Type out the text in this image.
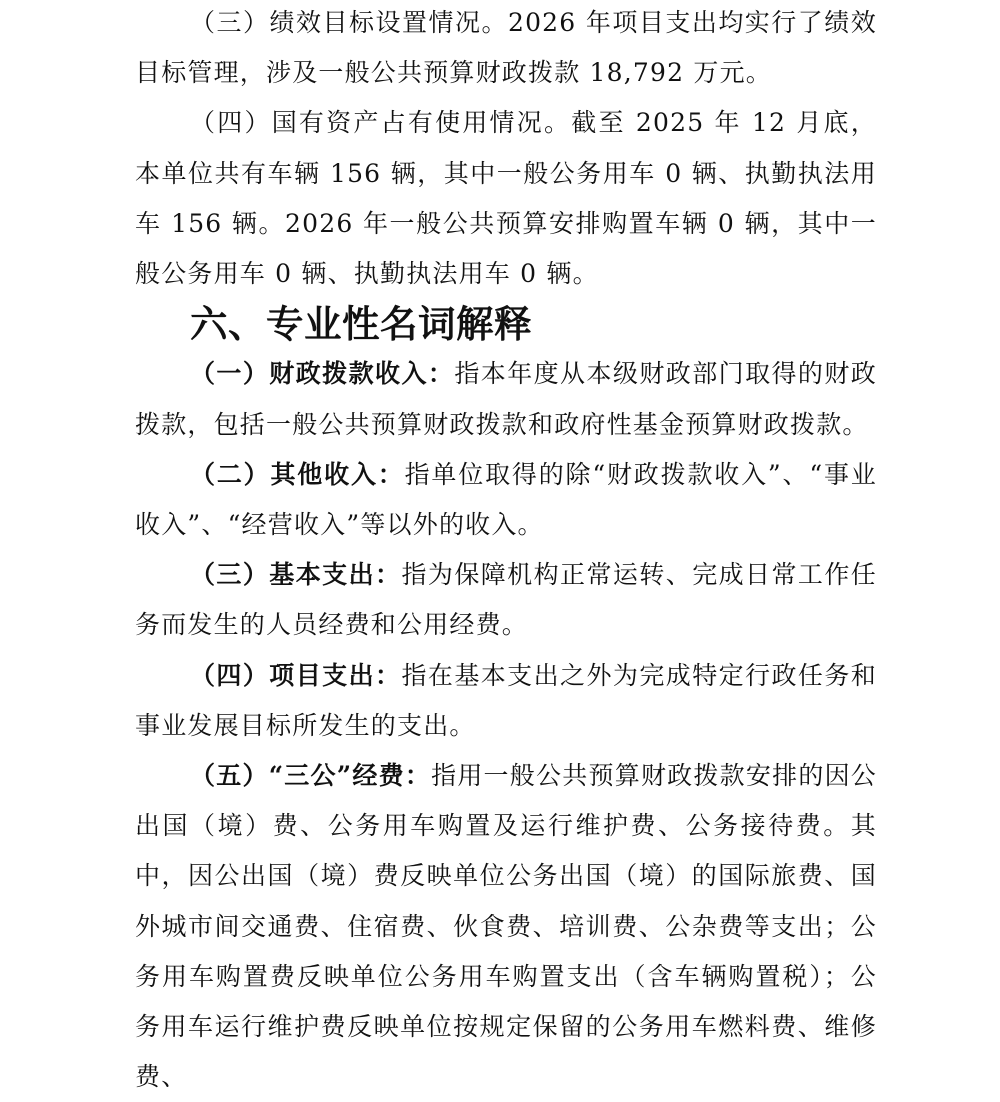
（三）绩效目标设置情况。2026 年项目支出均实行了绩效目标管理，涉及一般公共预算财政拨款 18,792 万元。

（四）国有资产占有使用情况。截至 2025 年 12 月底，本单位共有车辆 156 辆，其中一般公务用车 0 辆、执勤执法用车 156 辆。2026 年一般公共预算安排购置车辆 0 辆，其中一般公务用车 0 辆、执勤执法用车 0 辆。

六、专业性名词解释

（一）财政拨款收入：指本年度从本级财政部门取得的财政拨款，包括一般公共预算财政拨款和政府性基金预算财政拨款。

（二）其他收入：指单位取得的除“财政拨款收入”、“事业收入”、“经营收入”等以外的收入。

（三）基本支出：指为保障机构正常运转、完成日常工作任务而发生的人员经费和公用经费。

（四）项目支出：指在基本支出之外为完成特定行政任务和事业发展目标所发生的支出。

（五）“三公”经费：指用一般公共预算财政拨款安排的因公出国（境）费、公务用车购置及运行维护费、公务接待费。其中，因公出国（境）费反映单位公务出国（境）的国际旅费、国外城市间交通费、住宿费、伙食费、培训费、公杂费等支出；公务用车购置费反映单位公务用车购置支出（含车辆购置税）；公务用车运行维护费反映单位按规定保留的公务用车燃料费、维修费、
